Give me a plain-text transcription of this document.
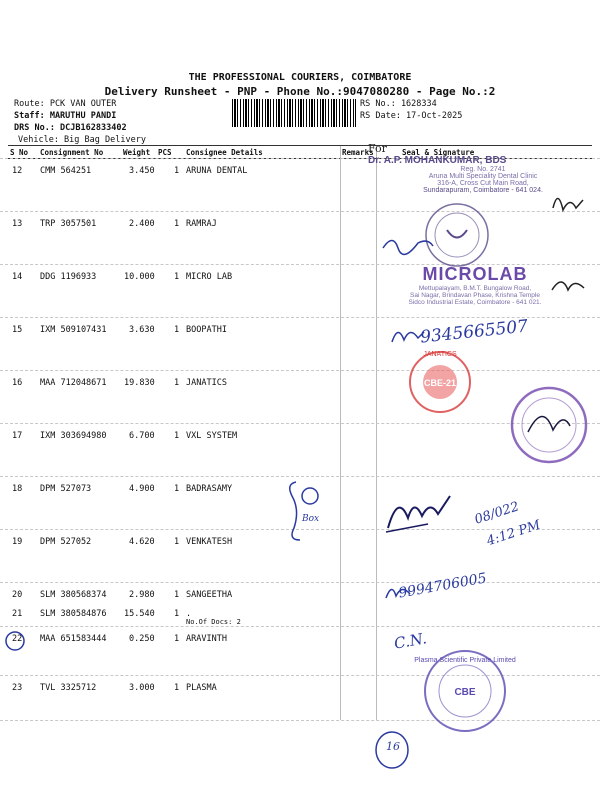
THE PROFESSIONAL COURIERS, COIMBATORE
Delivery Runsheet - PNP - Phone No.:9047080280 - Page No.:2
Route: PCK VAN OUTER
Staff: MARUTHU PANDI
DRS No.: DCJB162833402
Vehicle: Big Bag Delivery
RS No.: 1628334
RS Date: 17-Oct-2025
S No Consignment No	Weight PCS Consignee Details	Remarks	Seal & Signature
12 CMM 564251	3.450 1 ARUNA DENTAL
13 TRP 3057501	2.400 1 RAMRAJ
14 DDG 1196933	10.000 1 MICRO LAB
15 IXM 509107431	3.630 1 BOOPATHI
16 MAA 712048671 19.830 1 JANATICS
17 IXM 303694980	6.700 1 VXL SYSTEM
18 DPM 527073	4.900 1 BADRASAMY
19 DPM 527052	4.620 1 VENKATESH
20 SLM 380568374	2.980 1 SANGEETHA
21 SLM 380584876 15.540 1 .
No.Of Docs: 2
22 MAA 651583444	0.250 1 ARAVINTH
23 TVL 3325712	3.000 1 PLASMA
For
Dr. A.P. MOHANKUMAR, BDS
Reg. No. 2741
Aruna Multi Speciality Dental Clinic
316-A, Cross Cut Main Road,
Sundarapuram, Coimbatore - 641 024.
MICROLAB
Mettupalayam, B.M.T. Bungalow Road,
Sai Nagar, Brindavan Phase, Krishna Temple
Sidco Industrial Estate, Coimbatore - 641 021.
9345665507
JANATICS
CBE-21
Box	08/022
4:12 PM
9994706005
C.N.
Plasma Scientific Private Limited
CBE
16
